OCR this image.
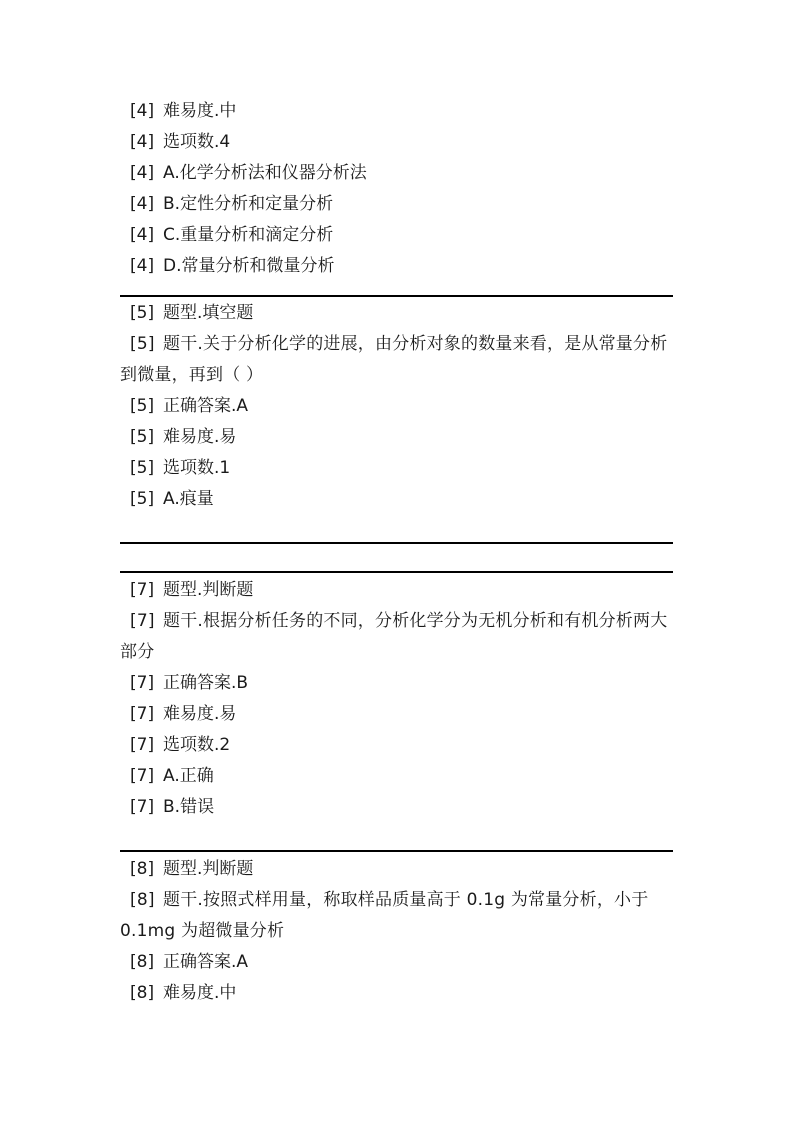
[4] 难易度.中
[4] 选项数.4
[4] A.化学分析法和仪器分析法
[4] B.定性分析和定量分析
[4] C.重量分析和滴定分析
[4] D.常量分析和微量分析
[5] 题型.填空题
[5] 题干.关于分析化学的进展，由分析对象的数量来看，是从常量分析到微量，再到（ ）
[5] 正确答案.A
[5] 难易度.易
[5] 选项数.1
[5] A.痕量
[7] 题型.判断题
[7] 题干.根据分析任务的不同，分析化学分为无机分析和有机分析两大部分
[7] 正确答案.B
[7] 难易度.易
[7] 选项数.2
[7] A.正确
[7] B.错误
[8] 题型.判断题
[8] 题干.按照式样用量，称取样品质量高于 0.1g 为常量分析，小于 0.1mg 为超微量分析
[8] 正确答案.A
[8] 难易度.中
